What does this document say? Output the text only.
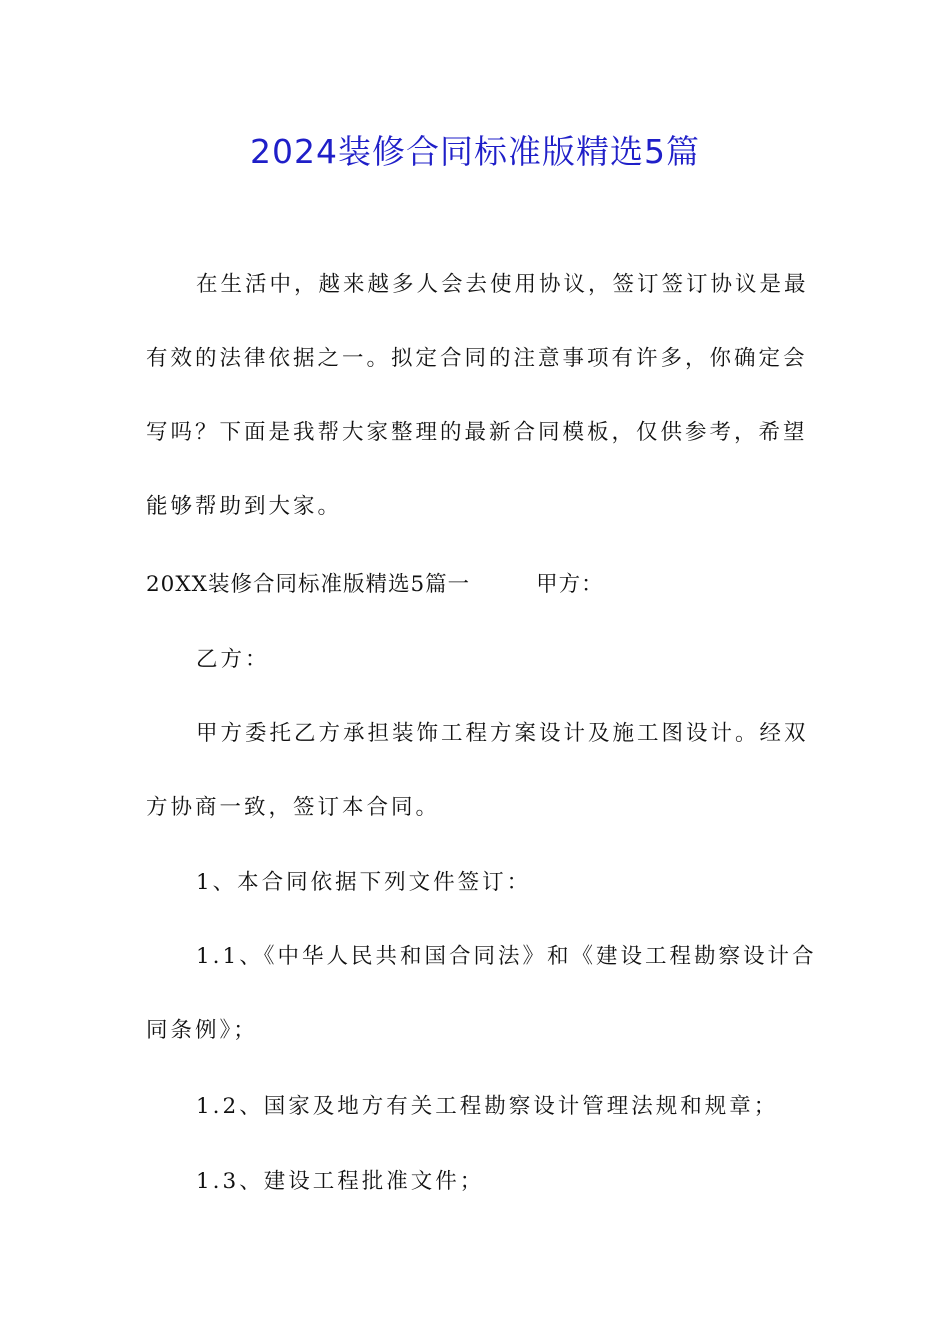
2024装修合同标准版精选5篇
在生活中，越来越多人会去使用协议，签订签订协议是最
有效的法律依据之一。拟定合同的注意事项有许多，你确定会
写吗？下面是我帮大家整理的最新合同模板，仅供参考，希望
能够帮助到大家。
20XX装修合同标准版精选5篇一	甲方：
乙方：
甲方委托乙方承担装饰工程方案设计及施工图设计。经双
方协商一致，签订本合同。
1、本合同依据下列文件签订：
1.1、《中华人民共和国合同法》和《建设工程勘察设计合
同条例》；
1.2、国家及地方有关工程勘察设计管理法规和规章；
1.3、建设工程批准文件；
